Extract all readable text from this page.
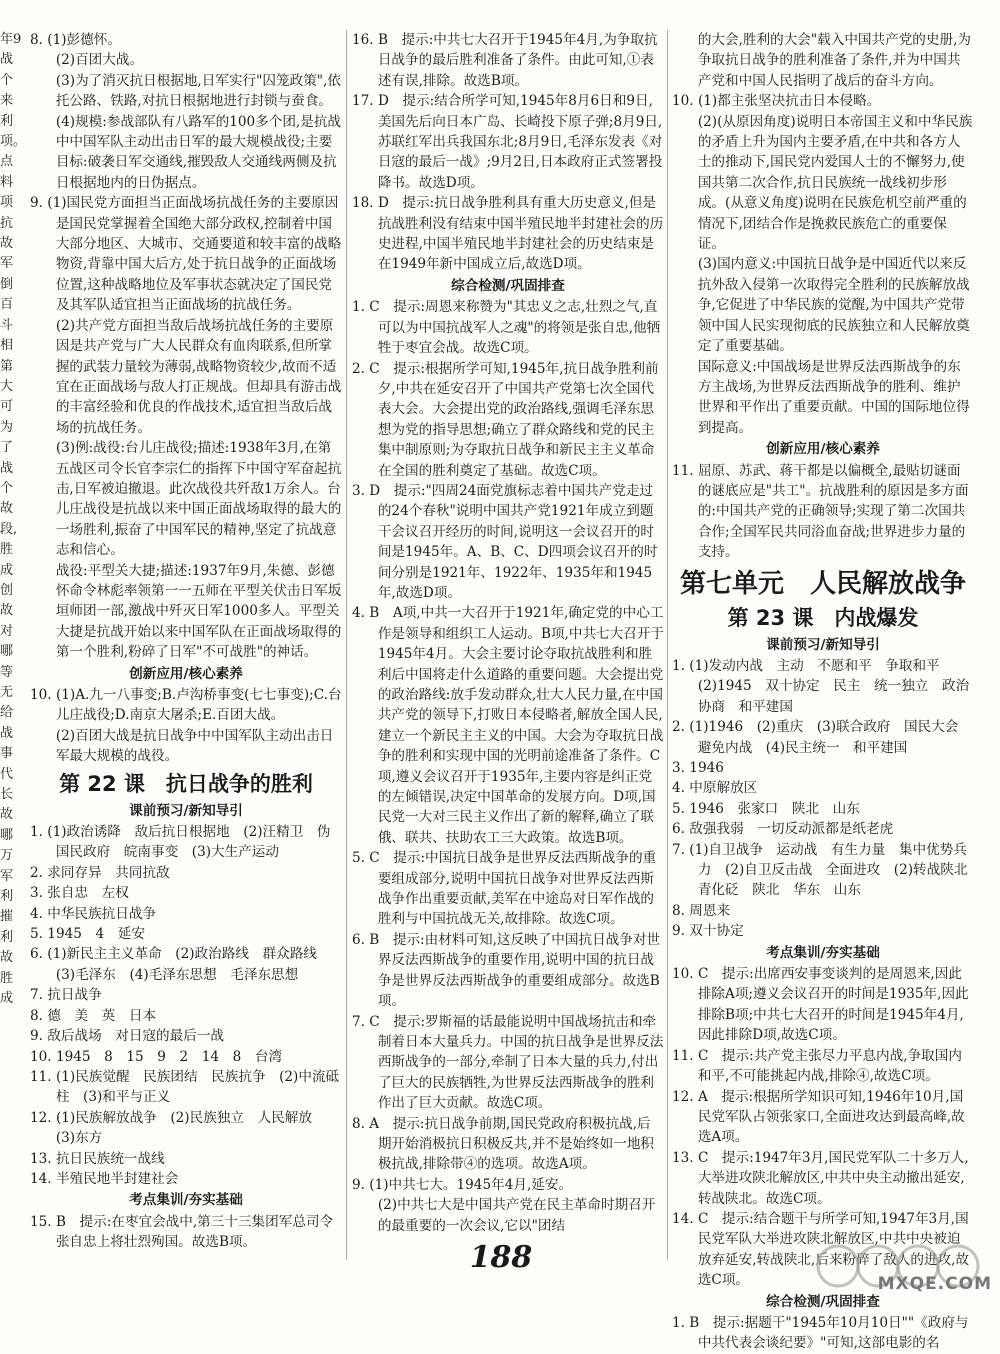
年9
战
个
来
利
项。
点
料
项
抗
故
军
倒
百
斗
相
第
大
可
为
了
战
个
故
段,
胜
成
创
故
对
哪
等
无
给
战
事
代
长
故
哪
万
军
利
摧
利
故
胜
成
8. (1)彭德怀。
(2)百团大战。
(3)为了消灭抗日根据地,日军实行"囚笼政策",依托公路、铁路,对抗日根据地进行封锁与蚕食。
(4)规模:参战部队有八路军的100多个团,是抗战中中国军队主动出击日军的最大规模战役;主要目标:破袭日军交通线,摧毁敌人交通线两侧及抗日根据地内的日伪据点。
9. (1)国民党方面担当正面战场抗战任务的主要原因是国民党掌握着全国绝大部分政权,控制着中国大部分地区、大城市、交通要道和较丰富的战略物资,背靠中国大后方,处于抗日战争的正面战场位置,这种战略地位及军事状态就决定了国民党及其军队适宜担当正面战场的抗战任务。
(2)共产党方面担当敌后战场抗战任务的主要原因是共产党与广大人民群众有血肉联系,但所掌握的武装力量较为薄弱,战略物资较少,故而不适宜在正面战场与敌人打正规战。但却具有游击战的丰富经验和优良的作战技术,适宜担当敌后战场的抗战任务。
(3)例:战役:台儿庄战役;描述:1938年3月,在第五战区司令长官李宗仁的指挥下中国守军奋起抗击,日军被迫撤退。此次战役共歼敌1万余人。台儿庄战役是抗战以来中国正面战场取得的最大的一场胜利,振奋了中国军民的精神,坚定了抗战意志和信心。
战役:平型关大捷;描述:1937年9月,朱德、彭德怀命令林彪率领第一一五师在平型关伏击日军坂垣师团一部,激战中歼灭日军1000多人。平型关大捷是抗战开始以来中国军队在正面战场取得的第一个胜利,粉碎了日军"不可战胜"的神话。
创新应用/核心素养
10. (1)A.九一八事变;B.卢沟桥事变(七七事变);C.台儿庄战役;D.南京大屠杀;E.百团大战。
(2)百团大战是抗日战争中中国军队主动出击日军最大规模的战役。
第 22 课　抗日战争的胜利
课前预习/新知导引
1. (1)政治诱降　敌后抗日根据地　(2)汪精卫　伪国民政府　皖南事变　(3)大生产运动
2. 求同存异　共同抗敌
3. 张自忠　左权
4. 中华民族抗日战争
5. 1945　4　延安
6. (1)新民主主义革命　(2)政治路线　群众路线　(3)毛泽东　(4)毛泽东思想　毛泽东思想
7. 抗日战争
8. 德　美　英　日本
9. 敌后战场　对日寇的最后一战
10. 1945　8　15　9　2　14　8　台湾
11. (1)民族觉醒　民族团结　民族抗争　(2)中流砥柱　(3)和平与正义
12. (1)民族解放战争　(2)民族独立　人民解放　(3)东方
13. 抗日民族统一战线
14. 半殖民地半封建社会
考点集训/夯实基础
15. B　提示:在枣宜会战中,第三十三集团军总司令张自忠上将壮烈殉国。故选B项。
16. B　提示:中共七大召开于1945年4月,为争取抗日战争的最后胜利准备了条件。由此可知,①表述有误,排除。故选B项。
17. D　提示:结合所学可知,1945年8月6日和9日,美国先后向日本广岛、长崎投下原子弹;8月9日,苏联红军出兵我国东北;8月9日,毛泽东发表《对日寇的最后一战》;9月2日,日本政府正式签署投降书。故选D项。
18. D　提示:抗日战争胜利具有重大历史意义,但是抗战胜利没有结束中国半殖民地半封建社会的历史进程,中国半殖民地半封建社会的历史结束是在1949年新中国成立后,故选D项。
综合检测/巩固排查
1. C　提示:周恩来称赞为"其忠义之志,壮烈之气,直可以为中国抗战军人之魂"的将领是张自忠,他牺牲于枣宜会战。故选C项。
2. C　提示:根据所学可知,1945年,抗日战争胜利前夕,中共在延安召开了中国共产党第七次全国代表大会。大会提出党的政治路线,强调毛泽东思想为党的指导思想;确立了群众路线和党的民主集中制原则;为夺取抗日战争和新民主主义革命在全国的胜利奠定了基础。故选C项。
3. D　提示:"四周24面党旗标志着中国共产党走过的24个春秋"说明中国共产党1921年成立到题干会议召开经历的时间,说明这一会议召开的时间是1945年。A、B、C、D四项会议召开的时间分别是1921年、1922年、1935年和1945年,故选D项。
4. B　A项,中共一大召开于1921年,确定党的中心工作是领导和组织工人运动。B项,中共七大召开于1945年4月。大会主要讨论夺取抗战胜利和胜利后中国将走什么道路的重要问题。大会提出党的政治路线:放手发动群众,壮大人民力量,在中国共产党的领导下,打败日本侵略者,解放全国人民,建立一个新民主主义的中国。大会为夺取抗日战争的胜利和实现中国的光明前途准备了条件。C项,遵义会议召开于1935年,主要内容是纠正党的左倾错误,决定中国革命的发展方向。D项,国民党一大对三民主义作出了新的解释,确立了联俄、联共、扶助农工三大政策。故选B项。
5. C　提示:中国抗日战争是世界反法西斯战争的重要组成部分,说明中国抗日战争对世界反法西斯战争作出重要贡献,美军在中途岛对日军作战的胜利与中国抗战无关,故排除。故选C项。
6. B　提示:由材料可知,这反映了中国抗日战争对世界反法西斯战争的重要作用,说明中国的抗日战争是世界反法西斯战争的重要组成部分。故选B项。
7. C　提示:罗斯福的话最能说明中国战场抗击和牵制着日本大量兵力。中国的抗日战争是世界反法西斯战争的一部分,牵制了日本大量的兵力,付出了巨大的民族牺牲,为世界反法西斯战争的胜利作出了巨大贡献。故选C项。
8. A　提示:抗日战争前期,国民党政府积极抗战,后期开始消极抗日积极反共,并不是始终如一地积极抗战,排除带④的选项。故选A项。
9. (1)中共七大。1945年4月,延安。
(2)中共七大是中国共产党在民主革命时期召开的最重要的一次会议,它以"团结
的大会,胜利的大会"载入中国共产党的史册,为争取抗日战争的胜利准备了条件,并为中国共产党和中国人民指明了战后的奋斗方向。
10. (1)都主张坚决抗击日本侵略。
(2)(从原因角度)说明日本帝国主义和中华民族的矛盾上升为国内主要矛盾,在中共和各方人士的推动下,国民党内爱国人士的不懈努力,使国共第二次合作,抗日民族统一战线初步形成。(从意义角度)说明在民族危机空前严重的情况下,团结合作是挽救民族危亡的重要保证。
(3)国内意义:中国抗日战争是中国近代以来反抗外敌入侵第一次取得完全胜利的民族解放战争,它促进了中华民族的觉醒,为中国共产党带领中国人民实现彻底的民族独立和人民解放奠定了重要基础。
国际意义:中国战场是世界反法西斯战争的东方主战场,为世界反法西斯战争的胜利、维护世界和平作出了重要贡献。中国的国际地位得到提高。
创新应用/核心素养
11. 屈原、苏武、蒋干都是以偏概全,最贴切谜面的谜底应是"共工"。抗战胜利的原因是多方面的:中国共产党的正确领导;实现了第二次国共合作;全国军民共同浴血奋战;世界进步力量的支持。
第七单元　人民解放战争
第 23 课　内战爆发
课前预习/新知导引
1. (1)发动内战　主动　不愿和平　争取和平　(2)1945　双十协定　民主　统一独立　政治协商　和平建国
2. (1)1946　(2)重庆　(3)联合政府　国民大会　避免内战　(4)民主统一　和平建国
3. 1946
4. 中原解放区
5. 1946　张家口　陕北　山东
6. 敌强我弱　一切反动派都是纸老虎
7. (1)自卫战争　运动战　有生力量　集中优势兵力　(2)自卫反击战　全面进攻　(2)转战陕北　青化砭　陕北　华东　山东
8. 周恩来
9. 双十协定
考点集训/夯实基础
10. C　提示:出席西安事变谈判的是周恩来,因此排除A项;遵义会议召开的时间是1935年,因此排除B项;中共七大召开的时间是1945年4月,因此排除D项,故选C项。
11. C　提示:共产党主张尽力平息内战,争取国内和平,不可能挑起内战,排除④,故选C项。
12. A　提示:根据所学知识可知,1946年10月,国民党军队占领张家口,全面进攻达到最高峰,故选A项。
13. C　提示:1947年3月,国民党军队二十多万人,大举进攻陕北解放区,中共中央主动撤出延安,转战陕北。故选C项。
14. C　提示:结合题干与所学可知,1947年3月,国民党军队大举进攻陕北解放区,中共中央被迫放弃延安,转战陕北,后来粉碎了敌人的进攻,故选C项。
综合检测/巩固排查
1. B　提示:据题干"1945年10月10日""《政府与中共代表会谈纪要》"可知,这部电影的名
188
MXQE.COM
